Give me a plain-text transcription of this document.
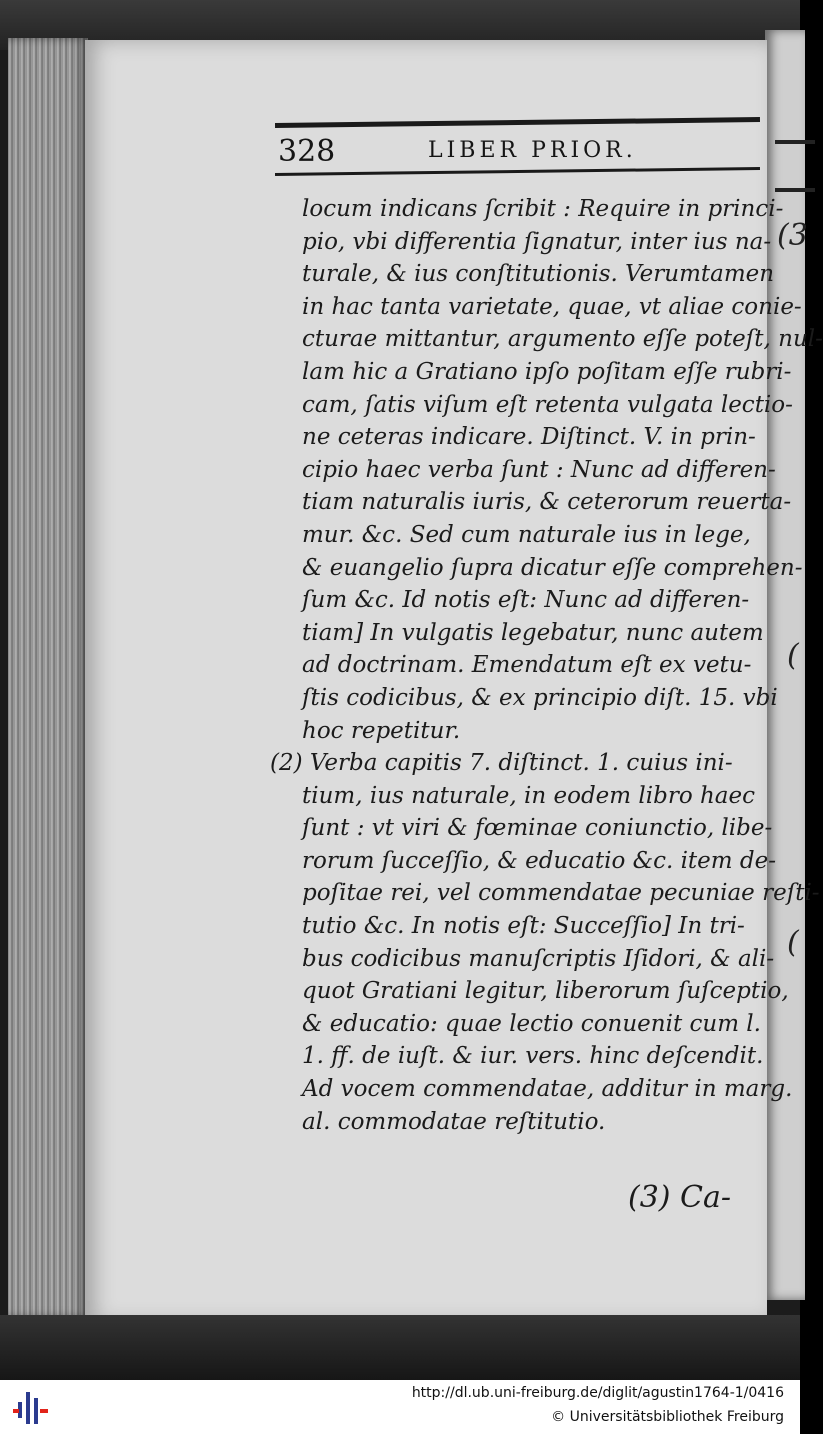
(3
(
(
328	LIBER PRIOR.
locum indicans ſcribit : Require in princi-
pio, vbi differentia ſignatur, inter ius na-
turale, & ius conſtitutionis. Verumtamen
in hac tanta varietate, quae, vt aliae conie-
cturae mittantur, argumento eſſe poteſt, nul-
lam hic a Gratiano ipſo poſitam eſſe rubri-
cam, ſatis viſum eſt retenta vulgata lectio-
ne ceteras indicare. Diſtinct. V. in prin-
cipio haec verba ſunt : Nunc ad differen-
tiam naturalis iuris, & ceterorum reuerta-
mur. &c. Sed cum naturale ius in lege,
& euangelio ſupra dicatur eſſe comprehen-
ſum &c. Id notis eſt: Nunc ad differen-
tiam] In vulgatis legebatur, nunc autem
ad doctrinam. Emendatum eſt ex vetu-
ſtis codicibus, & ex principio diſt. 15. vbi
hoc repetitur.
(2) Verba capitis 7. diſtinct. 1. cuius ini-
tium, ius naturale, in eodem libro haec
ſunt : vt viri & fœminae coniunctio, libe-
rorum ſucceſſio, & educatio &c. item de-
poſitae rei, vel commendatae pecuniae reſti-
tutio &c. In notis eſt: Succeſſio] In tri-
bus codicibus manuſcriptis Iſidori, & ali-
quot Gratiani legitur, liberorum ſuſceptio,
& educatio: quae lectio conuenit cum l.
1. ff. de iuſt. & iur. vers. hinc deſcendit.
Ad vocem commendatae, additur in marg.
al. commodatae reſtitutio.
(3) Ca-
http://dl.ub.uni-freiburg.de/diglit/agustin1764-1/0416
© Universitätsbibliothek Freiburg
